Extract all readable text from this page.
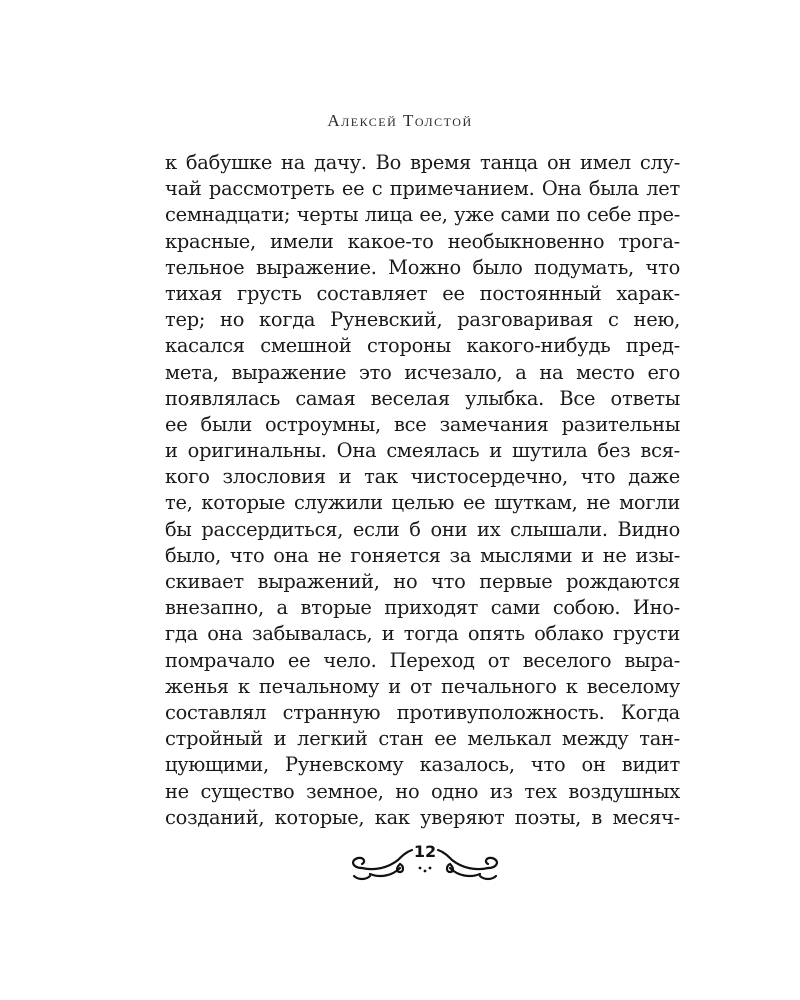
Алексей Толстой
к бабушке на дачу. Во время танца он имел слу-
чай рассмотреть ее с примечанием. Она была лет
семнадцати; черты лица ее, уже сами по себе пре-
красные, имели какое-то необыкновенно трога-
тельное выражение. Можно было подумать, что
тихая грусть составляет ее постоянный харак-
тер; но когда Руневский, разговаривая с нею,
касался смешной стороны какого-нибудь пред-
мета, выражение это исчезало, а на место его
появлялась самая веселая улыбка. Все ответы
ее были остроумны, все замечания разительны
и оригинальны. Она смеялась и шутила без вся-
кого злословия и так чистосердечно, что даже
те, которые служили целью ее шуткам, не могли
бы рассердиться, если б они их слышали. Видно
было, что она не гоняется за мыслями и не изы-
скивает выражений, но что первые рождаются
внезапно, а вторые приходят сами собою. Ино-
гда она забывалась, и тогда опять облако грусти
помрачало ее чело. Переход от веселого выра-
женья к печальному и от печального к веселому
составлял странную противуположность. Когда
стройный и легкий стан ее мелькал между тан-
цующими, Руневскому казалось, что он видит
не существо земное, но одно из тех воздушных
созданий, которые, как уверяют поэты, в месяч-
12
